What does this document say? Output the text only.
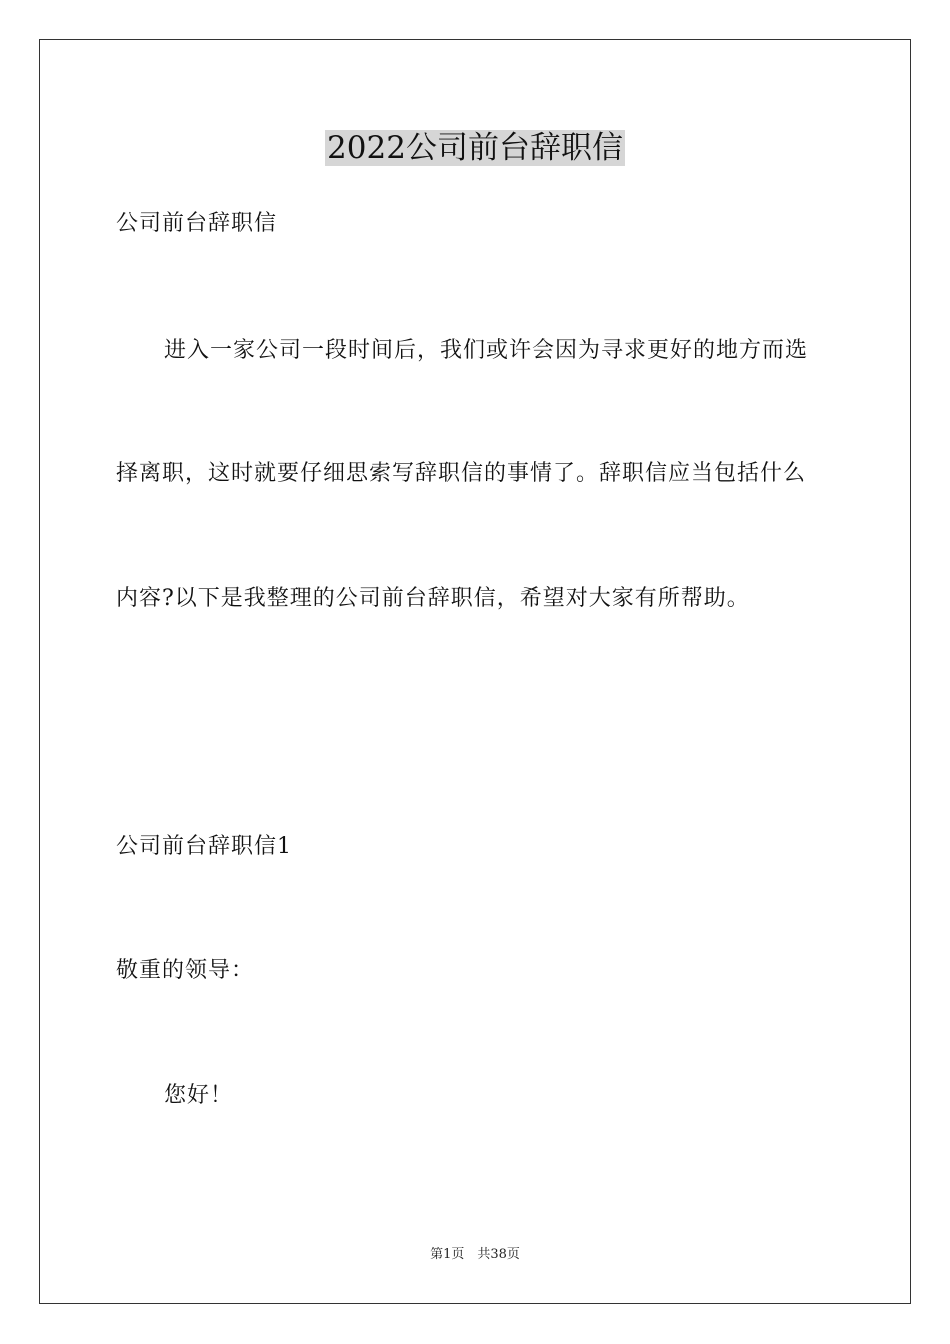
2022公司前台辞职信
公司前台辞职信
进入一家公司一段时间后，我们或许会因为寻求更好的地方而选
择离职，这时就要仔细思索写辞职信的事情了。辞职信应当包括什么
内容?以下是我整理的公司前台辞职信，希望对大家有所帮助。
公司前台辞职信1
敬重的领导：
您好！
第1页　共38页
